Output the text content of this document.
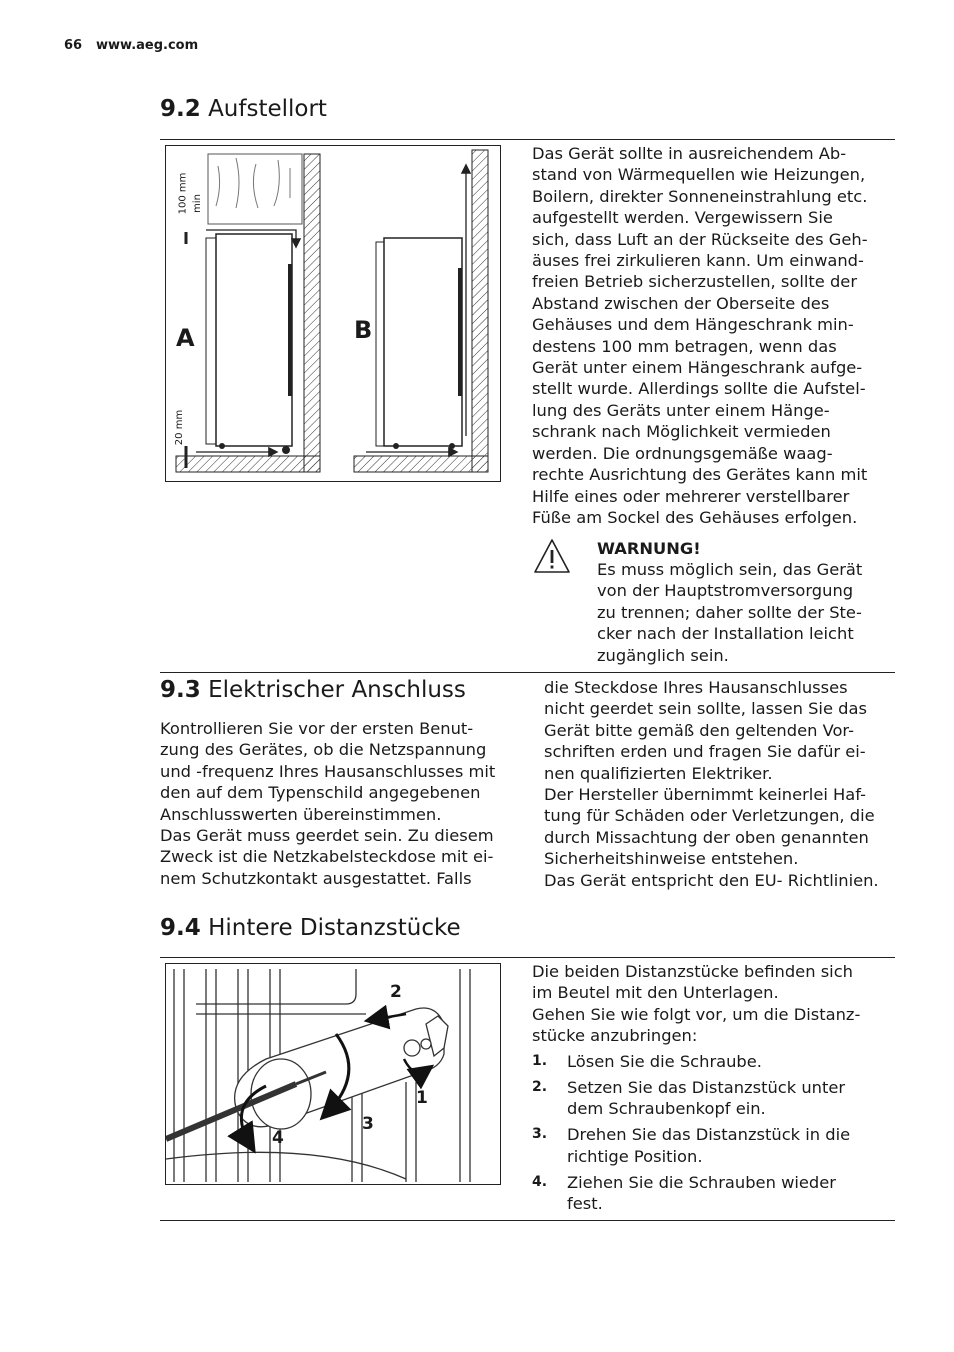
66 www.aeg.com
9.2 Aufstellort
A	B
100 mm min
20 mm

Das Gerät sollte in ausreichendem Ab-
stand von Wärmequellen wie Heizungen,
Boilern, direkter Sonneneinstrahlung etc.
aufgestellt werden. Vergewissern Sie
sich, dass Luft an der Rückseite des Geh-
äuses frei zirkulieren kann. Um einwand-
freien Betrieb sicherzustellen, sollte der
Abstand zwischen der Oberseite des
Gehäuses und dem Hängeschrank min-
destens 100 mm betragen, wenn das
Gerät unter einem Hängeschrank aufge-
stellt wurde. Allerdings sollte die Aufstel-
lung des Geräts unter einem Hänge-
schrank nach Möglichkeit vermieden
werden. Die ordnungsgemäße waag-
rechte Ausrichtung des Gerätes kann mit
Hilfe eines oder mehrerer verstellbarer
Füße am Sockel des Gehäuses erfolgen.

WARNUNG!

Es muss möglich sein, das Gerät
von der Hauptstromversorgung
zu trennen; daher sollte der Ste-
cker nach der Installation leicht
zugänglich sein.

9.3 Elektrischer Anschluss

Kontrollieren Sie vor der ersten Benut-
zung des Gerätes, ob die Netzspannung
und -frequenz Ihres Hausanschlusses mit
den auf dem Typenschild angegebenen
Anschlusswerten übereinstimmen.
Das Gerät muss geerdet sein. Zu diesem
Zweck ist die Netzkabelsteckdose mit ei-
nem Schutzkontakt ausgestattet. Falls

die Steckdose Ihres Hausanschlusses
nicht geerdet sein sollte, lassen Sie das
Gerät bitte gemäß den geltenden Vor-
schriften erden und fragen Sie dafür ei-
nen qualifizierten Elektriker.
Der Hersteller übernimmt keinerlei Haf-
tung für Schäden oder Verletzungen, die
durch Missachtung der oben genannten
Sicherheitshinweise entstehen.
Das Gerät entspricht den EU- Richtlinien.

9.4 Hintere Distanzstücke
2
1
3
4

Die beiden Distanzstücke befinden sich
im Beutel mit den Unterlagen.
Gehen Sie wie folgt vor, um die Distanz-
stücke anzubringen:

1. Lösen Sie die Schraube.
2. Setzen Sie das Distanzstück unter
dem Schraubenkopf ein.
3. Drehen Sie das Distanzstück in die
richtige Position.
4. Ziehen Sie die Schrauben wieder
fest.
